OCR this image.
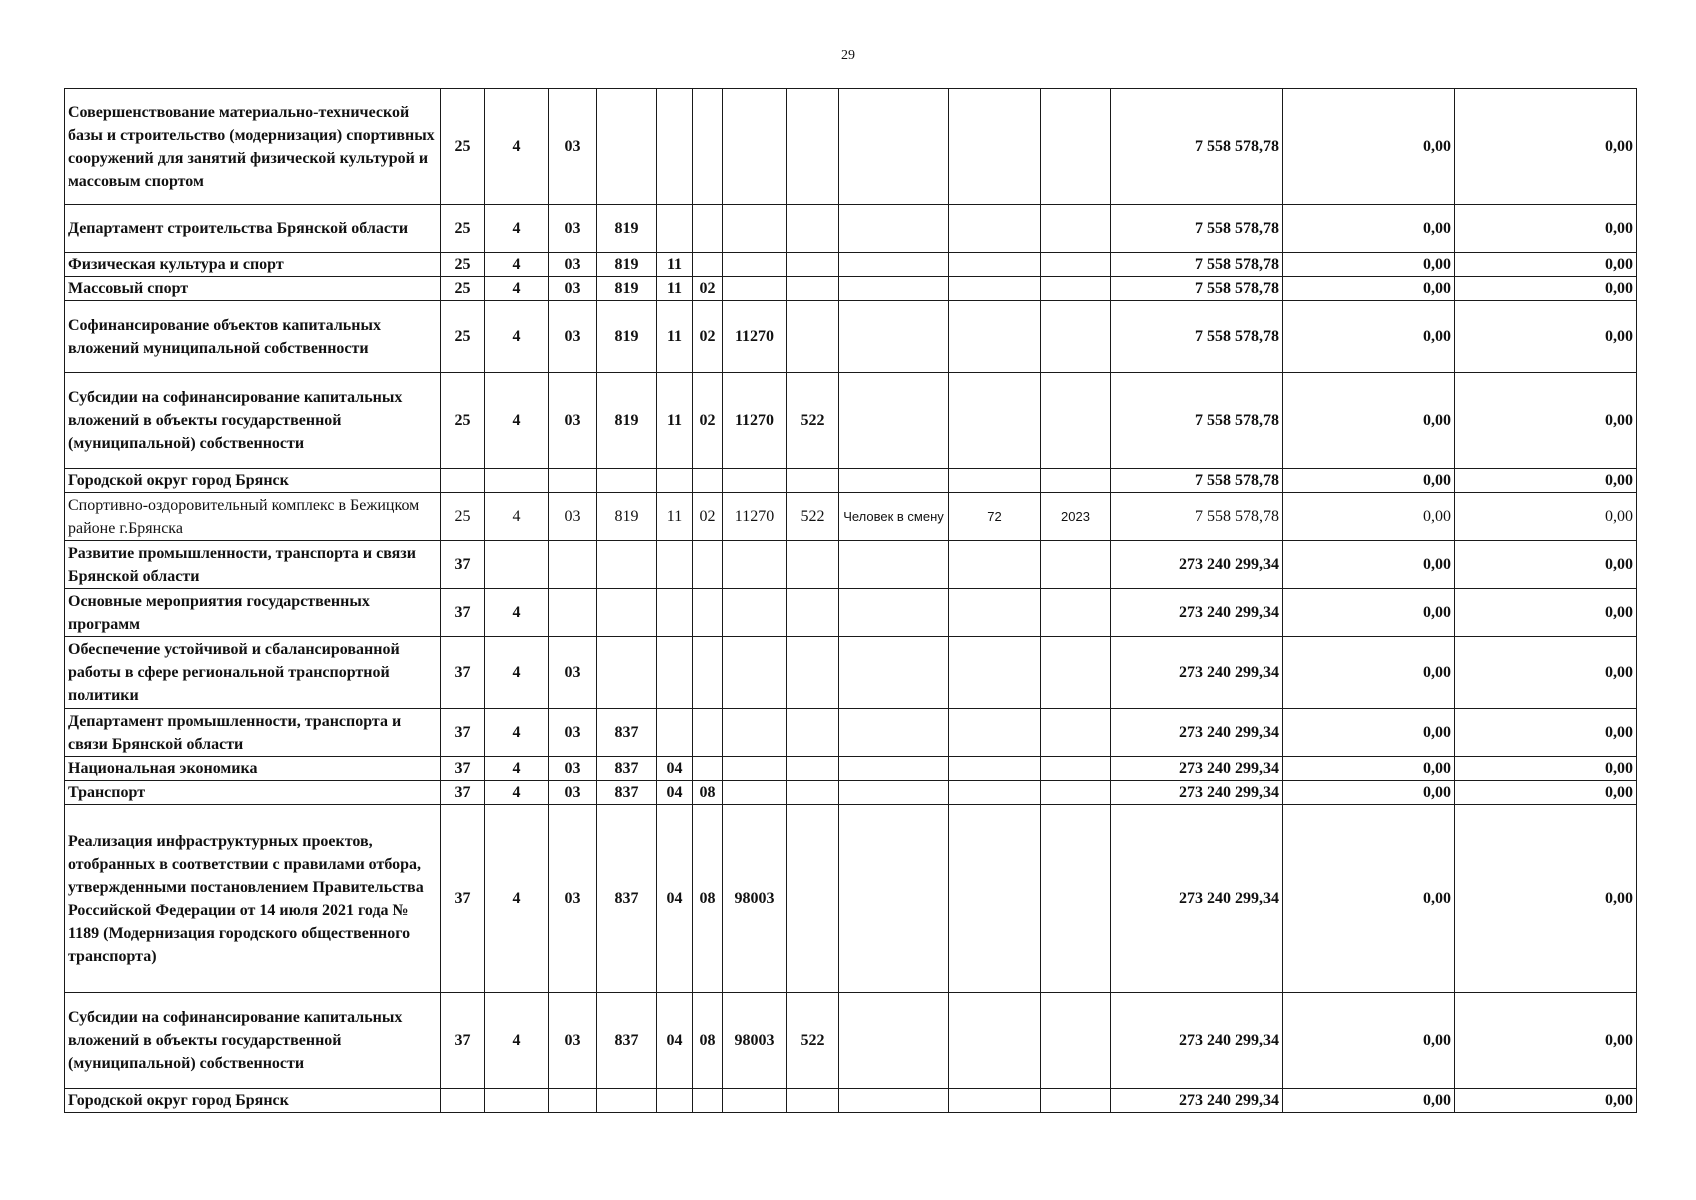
29
Совершенствование материально-технической базы и строительство (модернизация) спортивных сооружений для занятий физической культурой и массовым спортом	25	4	03									7 558 578,78	0,00	0,00
Департамент строительства Брянской области	25	4	03	819								7 558 578,78	0,00	0,00
Физическая культура и спорт	25	4	03	819	11							7 558 578,78	0,00	0,00
Массовый спорт	25	4	03	819	11	02						7 558 578,78	0,00	0,00
Софинансирование объектов капитальных вложений муниципальной собственности	25	4	03	819	11	02	11270					7 558 578,78	0,00	0,00
Субсидии на софинансирование капитальных вложений в объекты государственной (муниципальной) собственности	25	4	03	819	11	02	11270	522				7 558 578,78	0,00	0,00
Городской округ город Брянск												7 558 578,78	0,00	0,00
Спортивно-оздоровительный комплекс в Бежицком районе г.Брянска	25	4	03	819	11	02	11270	522	Человек в смену	72	2023	7 558 578,78	0,00	0,00
Развитие промышленности, транспорта и связи Брянской области	37											273 240 299,34	0,00	0,00
Основные мероприятия государственных программ	37	4										273 240 299,34	0,00	0,00
Обеспечение устойчивой и сбалансированной работы в сфере региональной транспортной политики	37	4	03									273 240 299,34	0,00	0,00
Департамент промышленности, транспорта и связи Брянской области	37	4	03	837								273 240 299,34	0,00	0,00
Национальная экономика	37	4	03	837	04							273 240 299,34	0,00	0,00
Транспорт	37	4	03	837	04	08						273 240 299,34	0,00	0,00
Реализация инфраструктурных проектов, отобранных в соответствии с правилами отбора, утвержденными постановлением Правительства Российской Федерации от 14 июля 2021 года № 1189 (Модернизация городского общественного транспорта)	37	4	03	837	04	08	98003					273 240 299,34	0,00	0,00
Субсидии на софинансирование капитальных вложений в объекты государственной (муниципальной) собственности	37	4	03	837	04	08	98003	522				273 240 299,34	0,00	0,00
Городской округ город Брянск												273 240 299,34	0,00	0,00
